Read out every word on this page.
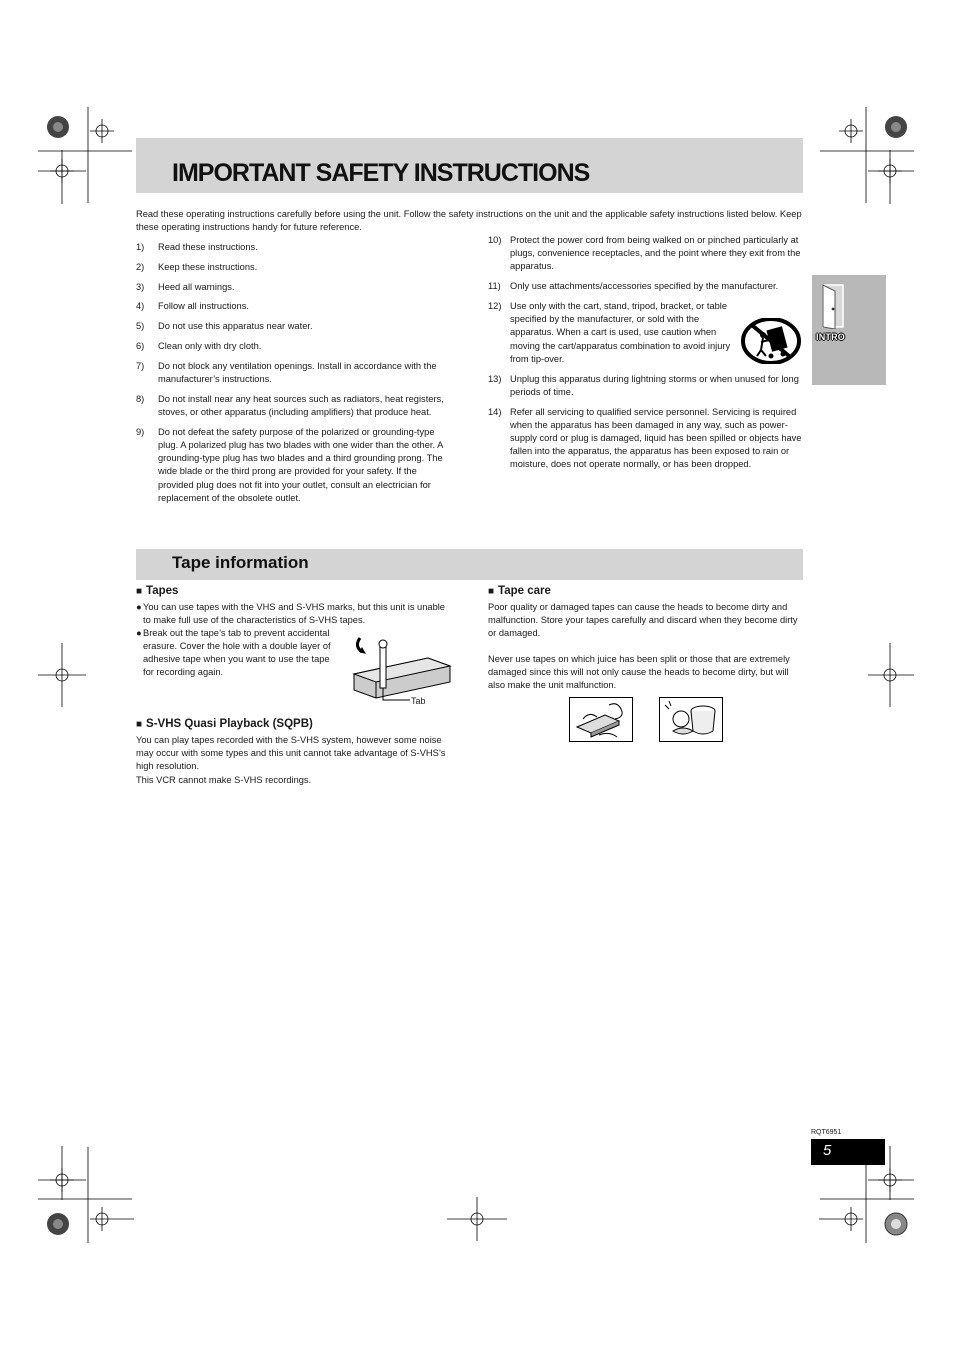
IMPORTANT SAFETY INSTRUCTIONS
Read these operating instructions carefully before using the unit. Follow the safety instructions on the unit and the applicable safety instructions listed below. Keep these operating instructions handy for future reference.
1)	Read these instructions.
2)	Keep these instructions.
3)	Heed all warnings.
4)	Follow all instructions.
5)	Do not use this apparatus near water.
6)	Clean only with dry cloth.
7)	Do not block any ventilation openings. Install in accordance with the manufacturer’s instructions.
8)	Do not install near any heat sources such as radiators, heat registers, stoves, or other apparatus (including amplifiers) that produce heat.
9)	Do not defeat the safety purpose of the polarized or grounding-type plug. A polarized plug has two blades with one wider than the other. A grounding-type plug has two blades and a third grounding prong. The wide blade or the third prong are provided for your safety. If the provided plug does not fit into your outlet, consult an electrician for replacement of the obsolete outlet.
10) Protect the power cord from being walked on or pinched particularly at plugs, convenience receptacles, and the point where they exit from the apparatus.
11) Only use attachments/accessories specified by the manufacturer.
12) Use only with the cart, stand, tripod, bracket, or table specified by the manufacturer, or sold with the apparatus. When a cart is used, use caution when moving the cart/apparatus combination to avoid injury from tip-over.
13) Unplug this apparatus during lightning storms or when unused for long periods of time.
14) Refer all servicing to qualified service personnel. Servicing is required when the apparatus has been damaged in any way, such as power-supply cord or plug is damaged, liquid has been spilled or objects have fallen into the apparatus, the apparatus has been exposed to rain or moisture, does not operate normally, or has been dropped.
INTRO
Tape information
■ Tapes
● You can use tapes with the VHS and S-VHS marks, but this unit is unable to make full use of the characteristics of S-VHS tapes.
● Break out the tape’s tab to prevent accidental erasure. Cover the hole with a double layer of adhesive tape when you want to use the tape for recording again.
Tab
■ S-VHS Quasi Playback (SQPB)
You can play tapes recorded with the S-VHS system, however some noise may occur with some types and this unit cannot take advantage of S-VHS’s high resolution.
This VCR cannot make S-VHS recordings.
■ Tape care
Poor quality or damaged tapes can cause the heads to become dirty and malfunction. Store your tapes carefully and discard when they become dirty or damaged.
Never use tapes on which juice has been split or those that are extremely damaged since this will not only cause the heads to become dirty, but will also make the unit malfunction.
RQT6951
5
